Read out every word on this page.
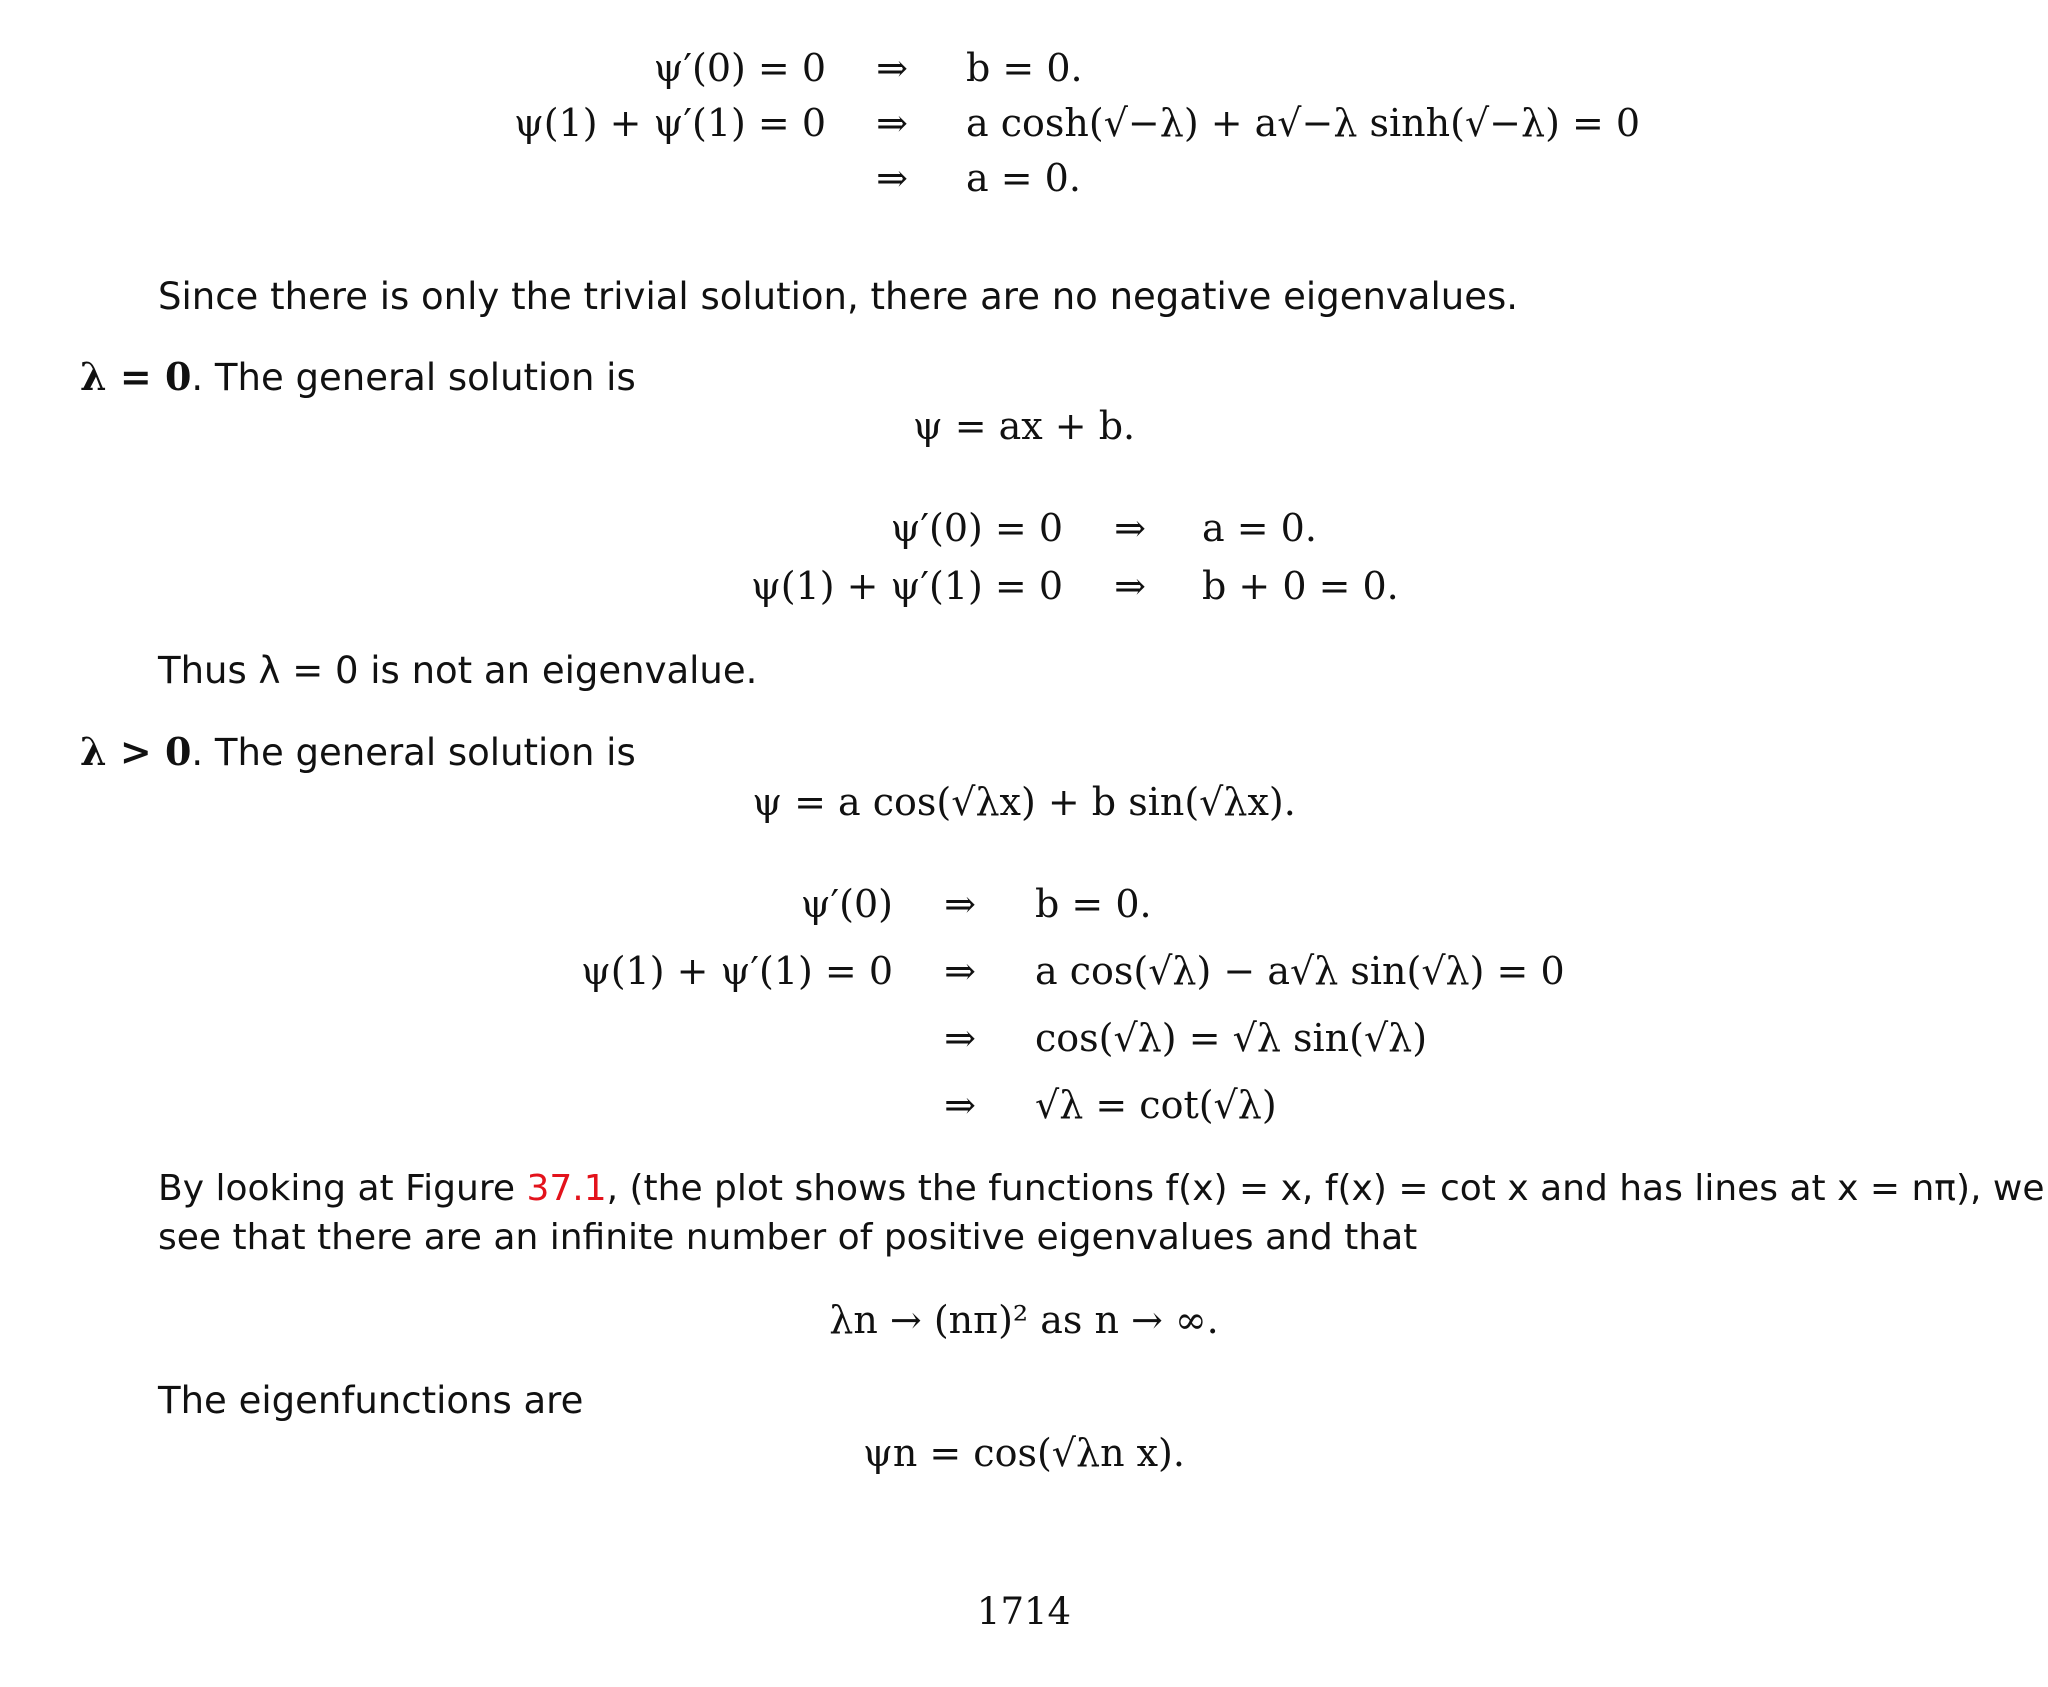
ψ′(0) = 0	⇒	b = 0.
ψ(1) + ψ′(1) = 0	⇒	a cosh(√−λ) + a√−λ sinh(√−λ) = 0
⇒	a = 0.
Since there is only the trivial solution, there are no negative eigenvalues.
λ = 0. The general solution is
ψ = ax + b.
ψ′(0) = 0	⇒	a = 0.
ψ(1) + ψ′(1) = 0	⇒	b + 0 = 0.
Thus λ = 0 is not an eigenvalue.
λ > 0. The general solution is
ψ = a cos(√λx) + b sin(√λx).
ψ′(0)	⇒	b = 0.
ψ(1) + ψ′(1) = 0	⇒	a cos(√λ) − a√λ sin(√λ) = 0
⇒	cos(√λ) = √λ sin(√λ)
⇒	√λ = cot(√λ)
By looking at Figure 37.1, (the plot shows the functions f(x) = x, f(x) = cot x and has lines at x = nπ), we
see that there are an infinite number of positive eigenvalues and that
λn → (nπ)² as n → ∞.
The eigenfunctions are
ψn = cos(√λn x).
1714
